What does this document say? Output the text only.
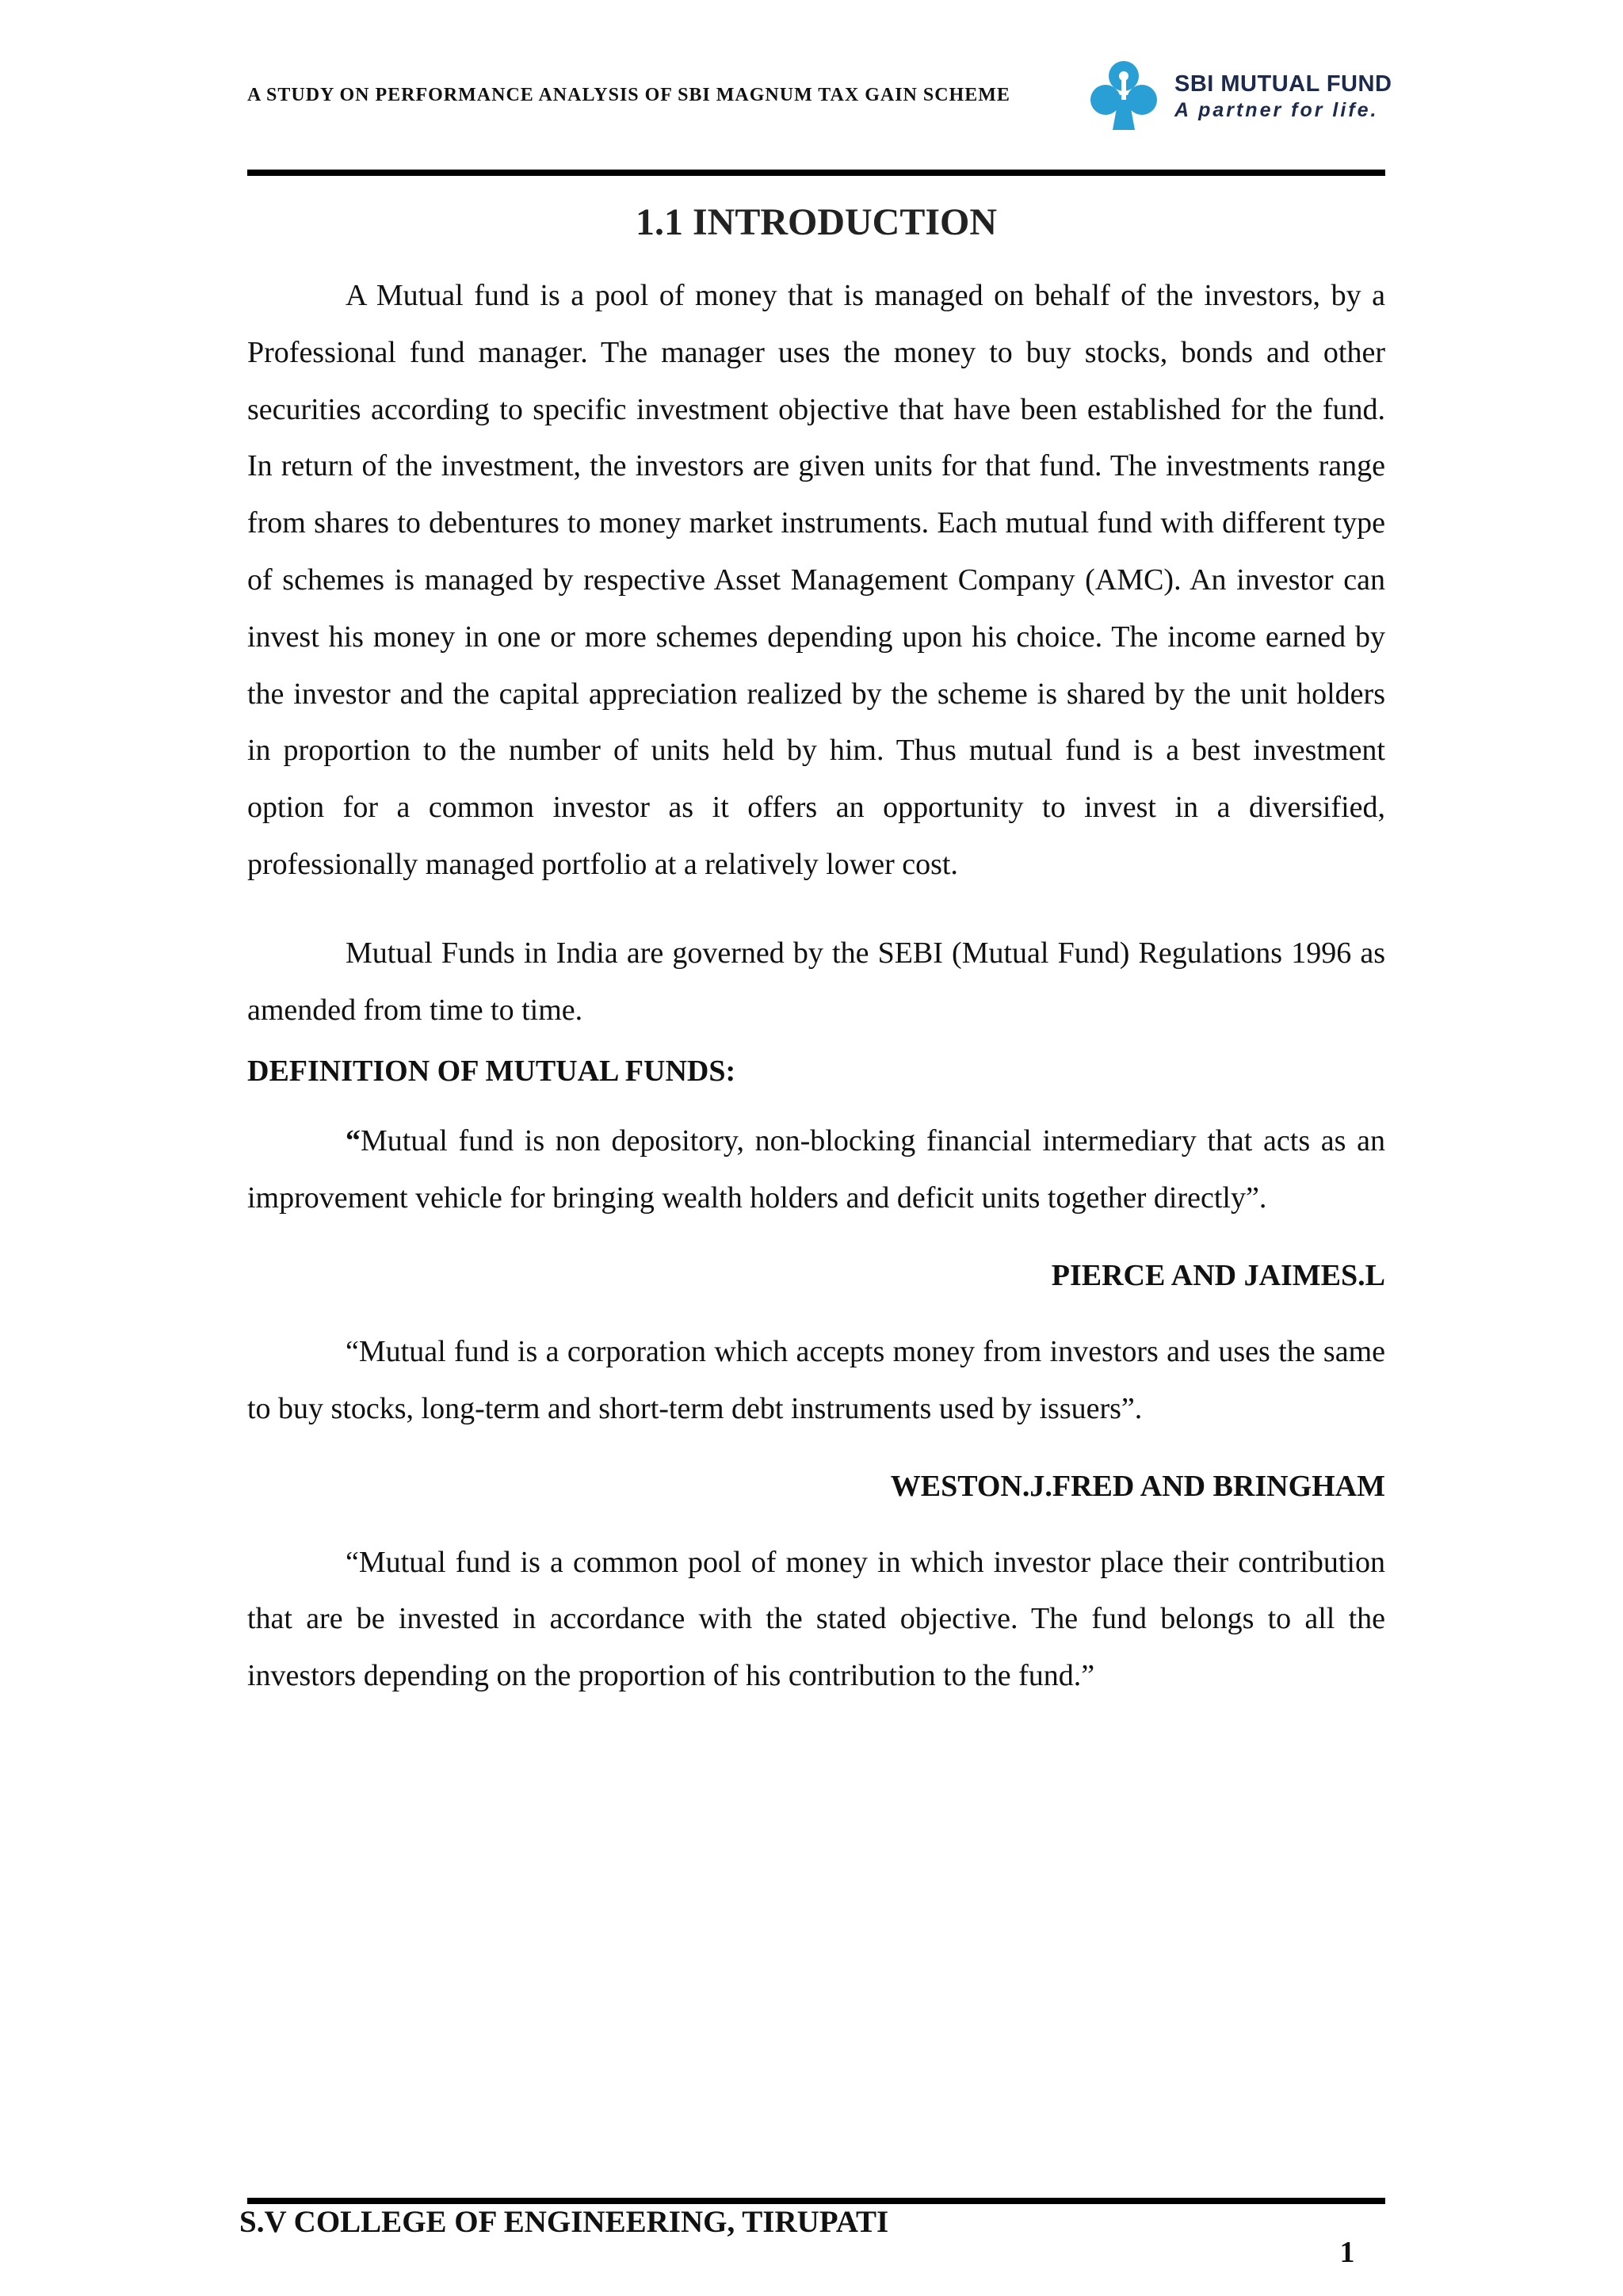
A STUDY ON PERFORMANCE ANALYSIS OF SBI MAGNUM TAX GAIN SCHEME	SBI MUTUAL FUND
A partner for life.
1.1 INTRODUCTION

A Mutual fund is a pool of money that is managed on behalf of the investors, by a Professional fund manager. The manager uses the money to buy stocks, bonds and other securities according to specific investment objective that have been established for the fund. In return of the investment, the investors are given units for that fund. The investments range from shares to debentures to money market instruments. Each mutual fund with different type of schemes is managed by respective Asset Management Company (AMC). An investor can invest his money in one or more schemes depending upon his choice. The income earned by the investor and the capital appreciation realized by the scheme is shared by the unit holders in proportion to the number of units held by him. Thus mutual fund is a best investment option for a common investor as it offers an opportunity to invest in a diversified, professionally managed portfolio at a relatively lower cost.

Mutual Funds in India are governed by the SEBI (Mutual Fund) Regulations 1996 as amended from time to time.

DEFINITION OF MUTUAL FUNDS:

“Mutual fund is non depository, non-blocking financial intermediary that acts as an improvement vehicle for bringing wealth holders and deficit units together directly”.

PIERCE AND JAIMES.L

“Mutual fund is a corporation which accepts money from investors and uses the same to buy stocks, long-term and short-term debt instruments used by issuers”.

WESTON.J.FRED AND BRINGHAM

“Mutual fund is a common pool of money in which investor place their contribution that are be invested in accordance with the stated objective. The fund belongs to all the investors depending on the proportion of his contribution to the fund.”

S.V COLLEGE OF ENGINEERING, TIRUPATI
1
